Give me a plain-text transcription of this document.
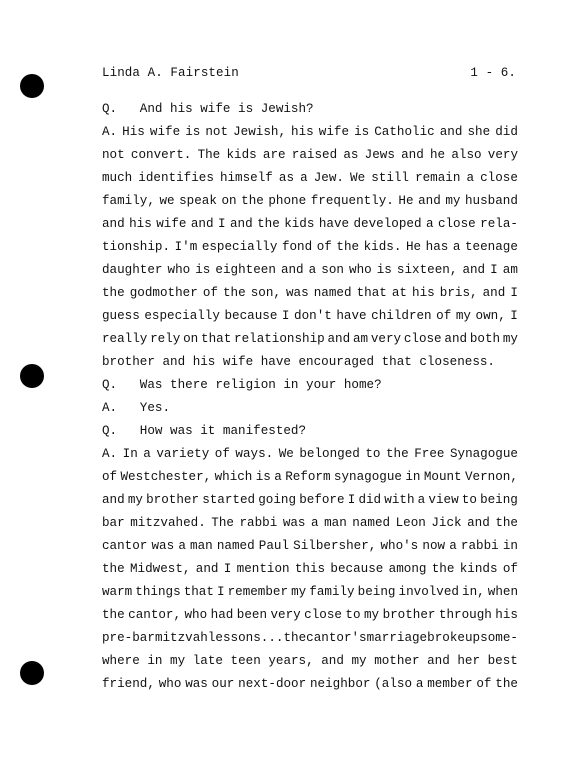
Linda A. Fairstein	1 - 6.
Q.   And his wife is Jewish?
A. His wife is not Jewish, his wife is Catholic and she did
not convert. The kids are raised as Jews and he also very
much identifies himself as a Jew. We still remain a close
family, we speak on the phone frequently. He and my husband
and his wife and I and the kids have developed a close rela-
tionship. I'm especially fond of the kids. He has a teenage
daughter who is eighteen and a son who is sixteen, and I am
the godmother of the son, was named that at his bris, and I
guess especially because I don't have children of my own, I
really rely on that relationship and am very close and both my
brother and his wife have encouraged that closeness.
Q.   Was there religion in your home?
A.   Yes.
Q.   How was it manifested?
A. In a variety of ways. We belonged to the Free Synagogue
of Westchester, which is a Reform synagogue in Mount Vernon,
and my brother started going before I did with a view to being
bar mitzvahed. The rabbi was a man named Leon Jick and the
cantor was a man named Paul Silbersher, who's now a rabbi in
the Midwest, and I mention this because among the kinds of
warm things that I remember my family being involved in, when
the cantor, who had been very close to my brother through his
pre-bar mitzvah lessons...the cantor's marriage broke up some-
where in my late teen years, and my mother and her best
friend, who was our next-door neighbor (also a member of the
